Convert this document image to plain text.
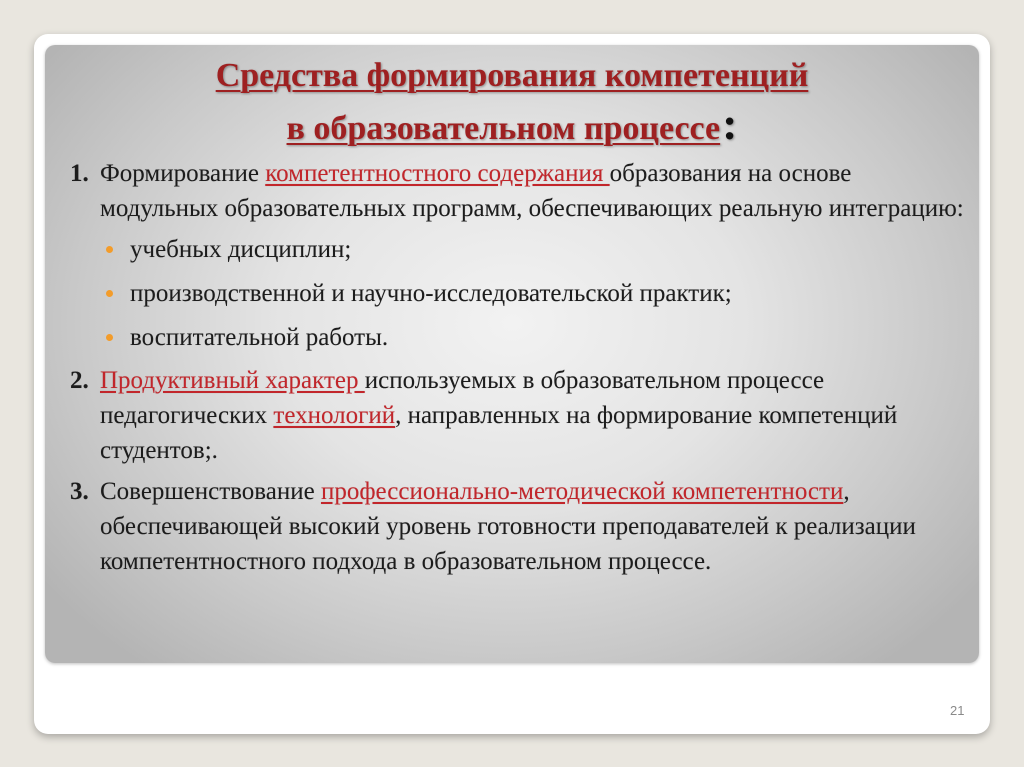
Средства формирования компетенций
в образовательном процессе:

1. Формирование компетентностного содержания образования на основе модульных образовательных программ, обеспечивающих реальную интеграцию:

учебных дисциплин;
производственной и научно-исследовательской практик;
воспитательной работы.

2. Продуктивный характер используемых в образовательном процессе педагогических технологий, направленных на формирование компетенций студентов;.

3. Совершенствование профессионально-методической компетентности, обеспечивающей высокий уровень готовности преподавателей к реализации компетентностного подхода в образовательном процессе.

21
